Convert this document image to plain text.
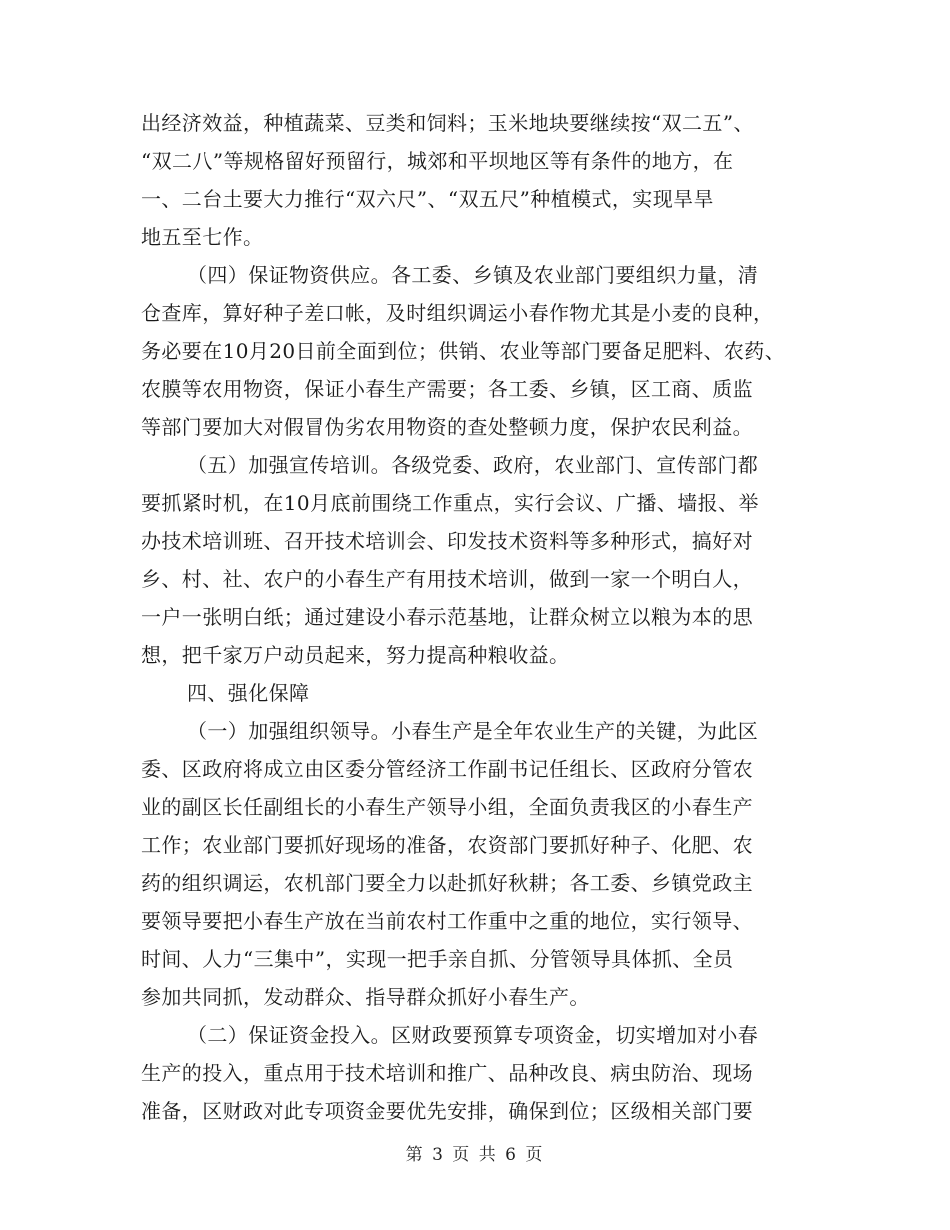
出经济效益，种植蔬菜、豆类和饲料；玉米地块要继续按“双二五”、
“双二八”等规格留好预留行，城郊和平坝地区等有条件的地方，在
一、二台土要大力推行“双六尺”、“双五尺”种植模式，实现旱旱
地五至七作。
（四）保证物资供应。各工委、乡镇及农业部门要组织力量，清
仓查库，算好种子差口帐，及时组织调运小春作物尤其是小麦的良种，
务必要在10月20日前全面到位；供销、农业等部门要备足肥料、农药、
农膜等农用物资，保证小春生产需要；各工委、乡镇，区工商、质监
等部门要加大对假冒伪劣农用物资的查处整顿力度，保护农民利益。
（五）加强宣传培训。各级党委、政府，农业部门、宣传部门都
要抓紧时机，在10月底前围绕工作重点，实行会议、广播、墙报、举
办技术培训班、召开技术培训会、印发技术资料等多种形式，搞好对
乡、村、社、农户的小春生产有用技术培训，做到一家一个明白人，
一户一张明白纸；通过建设小春示范基地，让群众树立以粮为本的思
想，把千家万户动员起来，努力提高种粮收益。
四、强化保障
（一）加强组织领导。小春生产是全年农业生产的关键，为此区
委、区政府将成立由区委分管经济工作副书记任组长、区政府分管农
业的副区长任副组长的小春生产领导小组，全面负责我区的小春生产
工作；农业部门要抓好现场的准备，农资部门要抓好种子、化肥、农
药的组织调运，农机部门要全力以赴抓好秋耕；各工委、乡镇党政主
要领导要把小春生产放在当前农村工作重中之重的地位，实行领导、
时间、人力“三集中”，实现一把手亲自抓、分管领导具体抓、全员
参加共同抓，发动群众、指导群众抓好小春生产。
（二）保证资金投入。区财政要预算专项资金，切实增加对小春
生产的投入，重点用于技术培训和推广、品种改良、病虫防治、现场
准备，区财政对此专项资金要优先安排，确保到位；区级相关部门要
第 3 页 共 6 页
